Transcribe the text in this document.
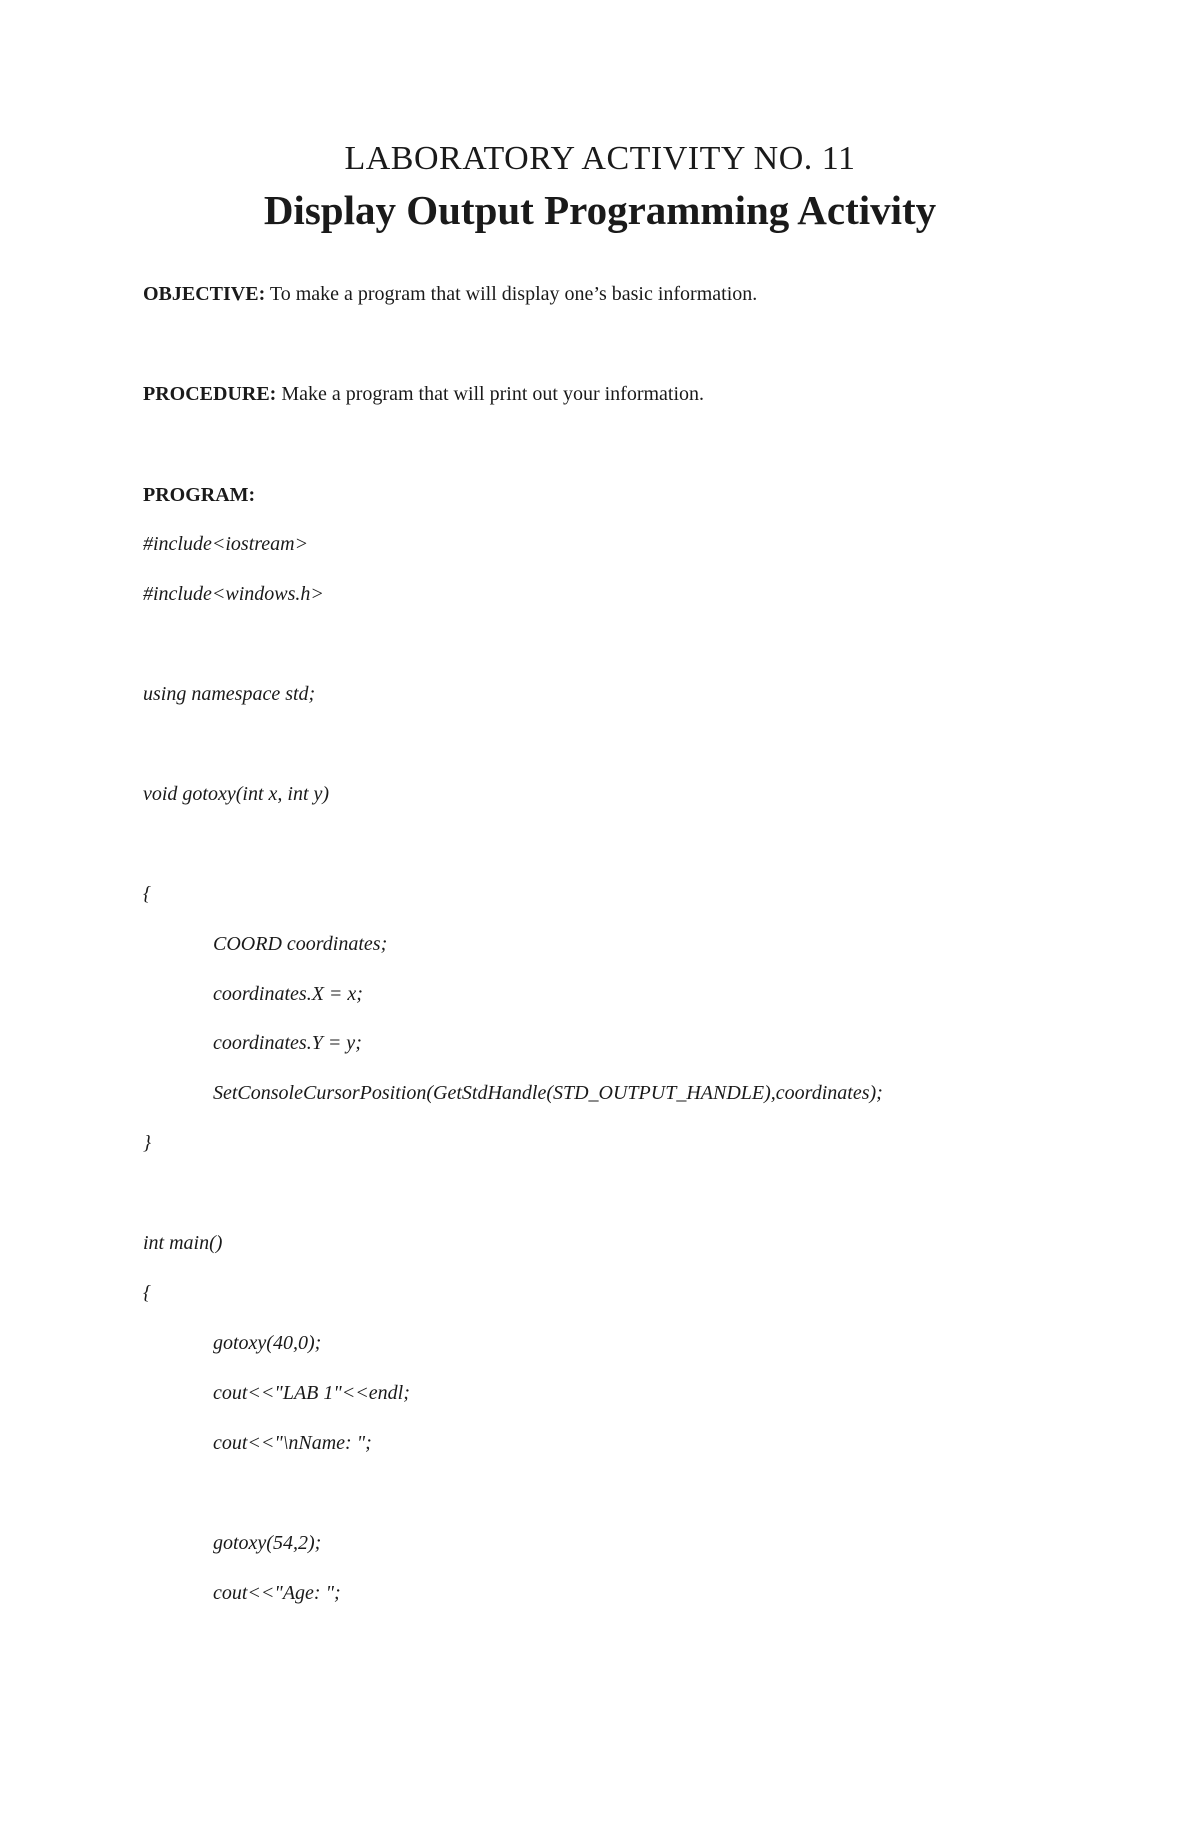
LABORATORY ACTIVITY NO. 11
Display Output Programming Activity
OBJECTIVE: To make a program that will display one’s basic information.
PROCEDURE: Make a program that will print out your information.
PROGRAM:
#include<iostream>
#include<windows.h>
using namespace std;
void gotoxy(int x, int y)
{
COORD coordinates;
coordinates.X = x;
coordinates.Y = y;
SetConsoleCursorPosition(GetStdHandle(STD_OUTPUT_HANDLE),coordinates);
}
int main()
{
gotoxy(40,0);
cout<<"LAB 1"<<endl;
cout<<"\nName: ";
gotoxy(54,2);
cout<<"Age: ";
